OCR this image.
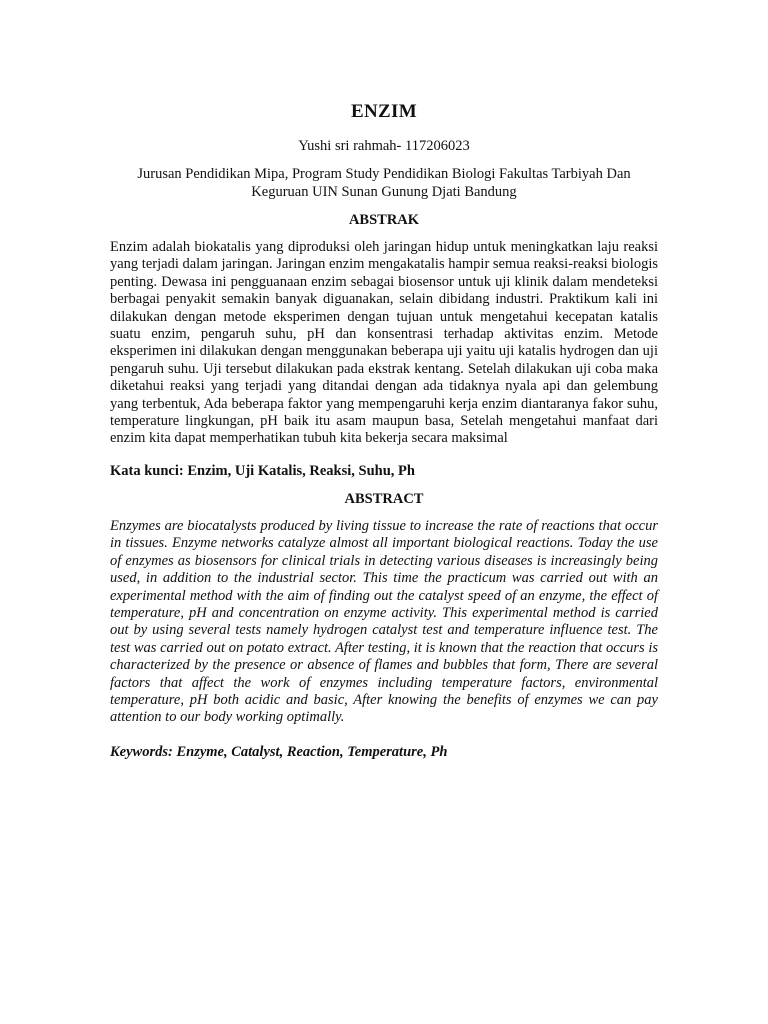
ENZIM

Yushi sri rahmah- 117206023

Jurusan Pendidikan Mipa, Program Study Pendidikan Biologi Fakultas Tarbiyah Dan Keguruan UIN Sunan Gunung Djati Bandung

ABSTRAK

Enzim adalah biokatalis yang diproduksi oleh jaringan hidup untuk meningkatkan laju reaksi yang terjadi dalam jaringan. Jaringan enzim mengakatalis hampir semua reaksi-reaksi biologis penting. Dewasa ini pengguanaan enzim sebagai biosensor untuk uji klinik dalam mendeteksi berbagai penyakit semakin banyak diguanakan, selain dibidang industri. Praktikum kali ini dilakukan dengan metode eksperimen dengan tujuan untuk mengetahui kecepatan katalis suatu enzim, pengaruh suhu, pH dan konsentrasi terhadap aktivitas enzim. Metode eksperimen ini dilakukan dengan menggunakan beberapa uji yaitu uji katalis hydrogen dan uji pengaruh suhu. Uji tersebut dilakukan pada ekstrak kentang. Setelah dilakukan uji coba maka diketahui reaksi yang terjadi yang ditandai dengan ada tidaknya nyala api dan gelembung yang terbentuk, Ada beberapa faktor yang mempengaruhi kerja enzim diantaranya fakor suhu, temperature lingkungan, pH baik itu asam maupun basa, Setelah mengetahui manfaat dari enzim kita dapat memperhatikan tubuh kita bekerja secara maksimal

Kata kunci: Enzim, Uji Katalis, Reaksi, Suhu, Ph

ABSTRACT

Enzymes are biocatalysts produced by living tissue to increase the rate of reactions that occur in tissues. Enzyme networks catalyze almost all important biological reactions. Today the use of enzymes as biosensors for clinical trials in detecting various diseases is increasingly being used, in addition to the industrial sector. This time the practicum was carried out with an experimental method with the aim of finding out the catalyst speed of an enzyme, the effect of temperature, pH and concentration on enzyme activity. This experimental method is carried out by using several tests namely hydrogen catalyst test and temperature influence test. The test was carried out on potato extract. After testing, it is known that the reaction that occurs is characterized by the presence or absence of flames and bubbles that form, There are several factors that affect the work of enzymes including temperature factors, environmental temperature, pH both acidic and basic, After knowing the benefits of enzymes we can pay attention to our body working optimally.

Keywords: Enzyme, Catalyst, Reaction, Temperature, Ph
